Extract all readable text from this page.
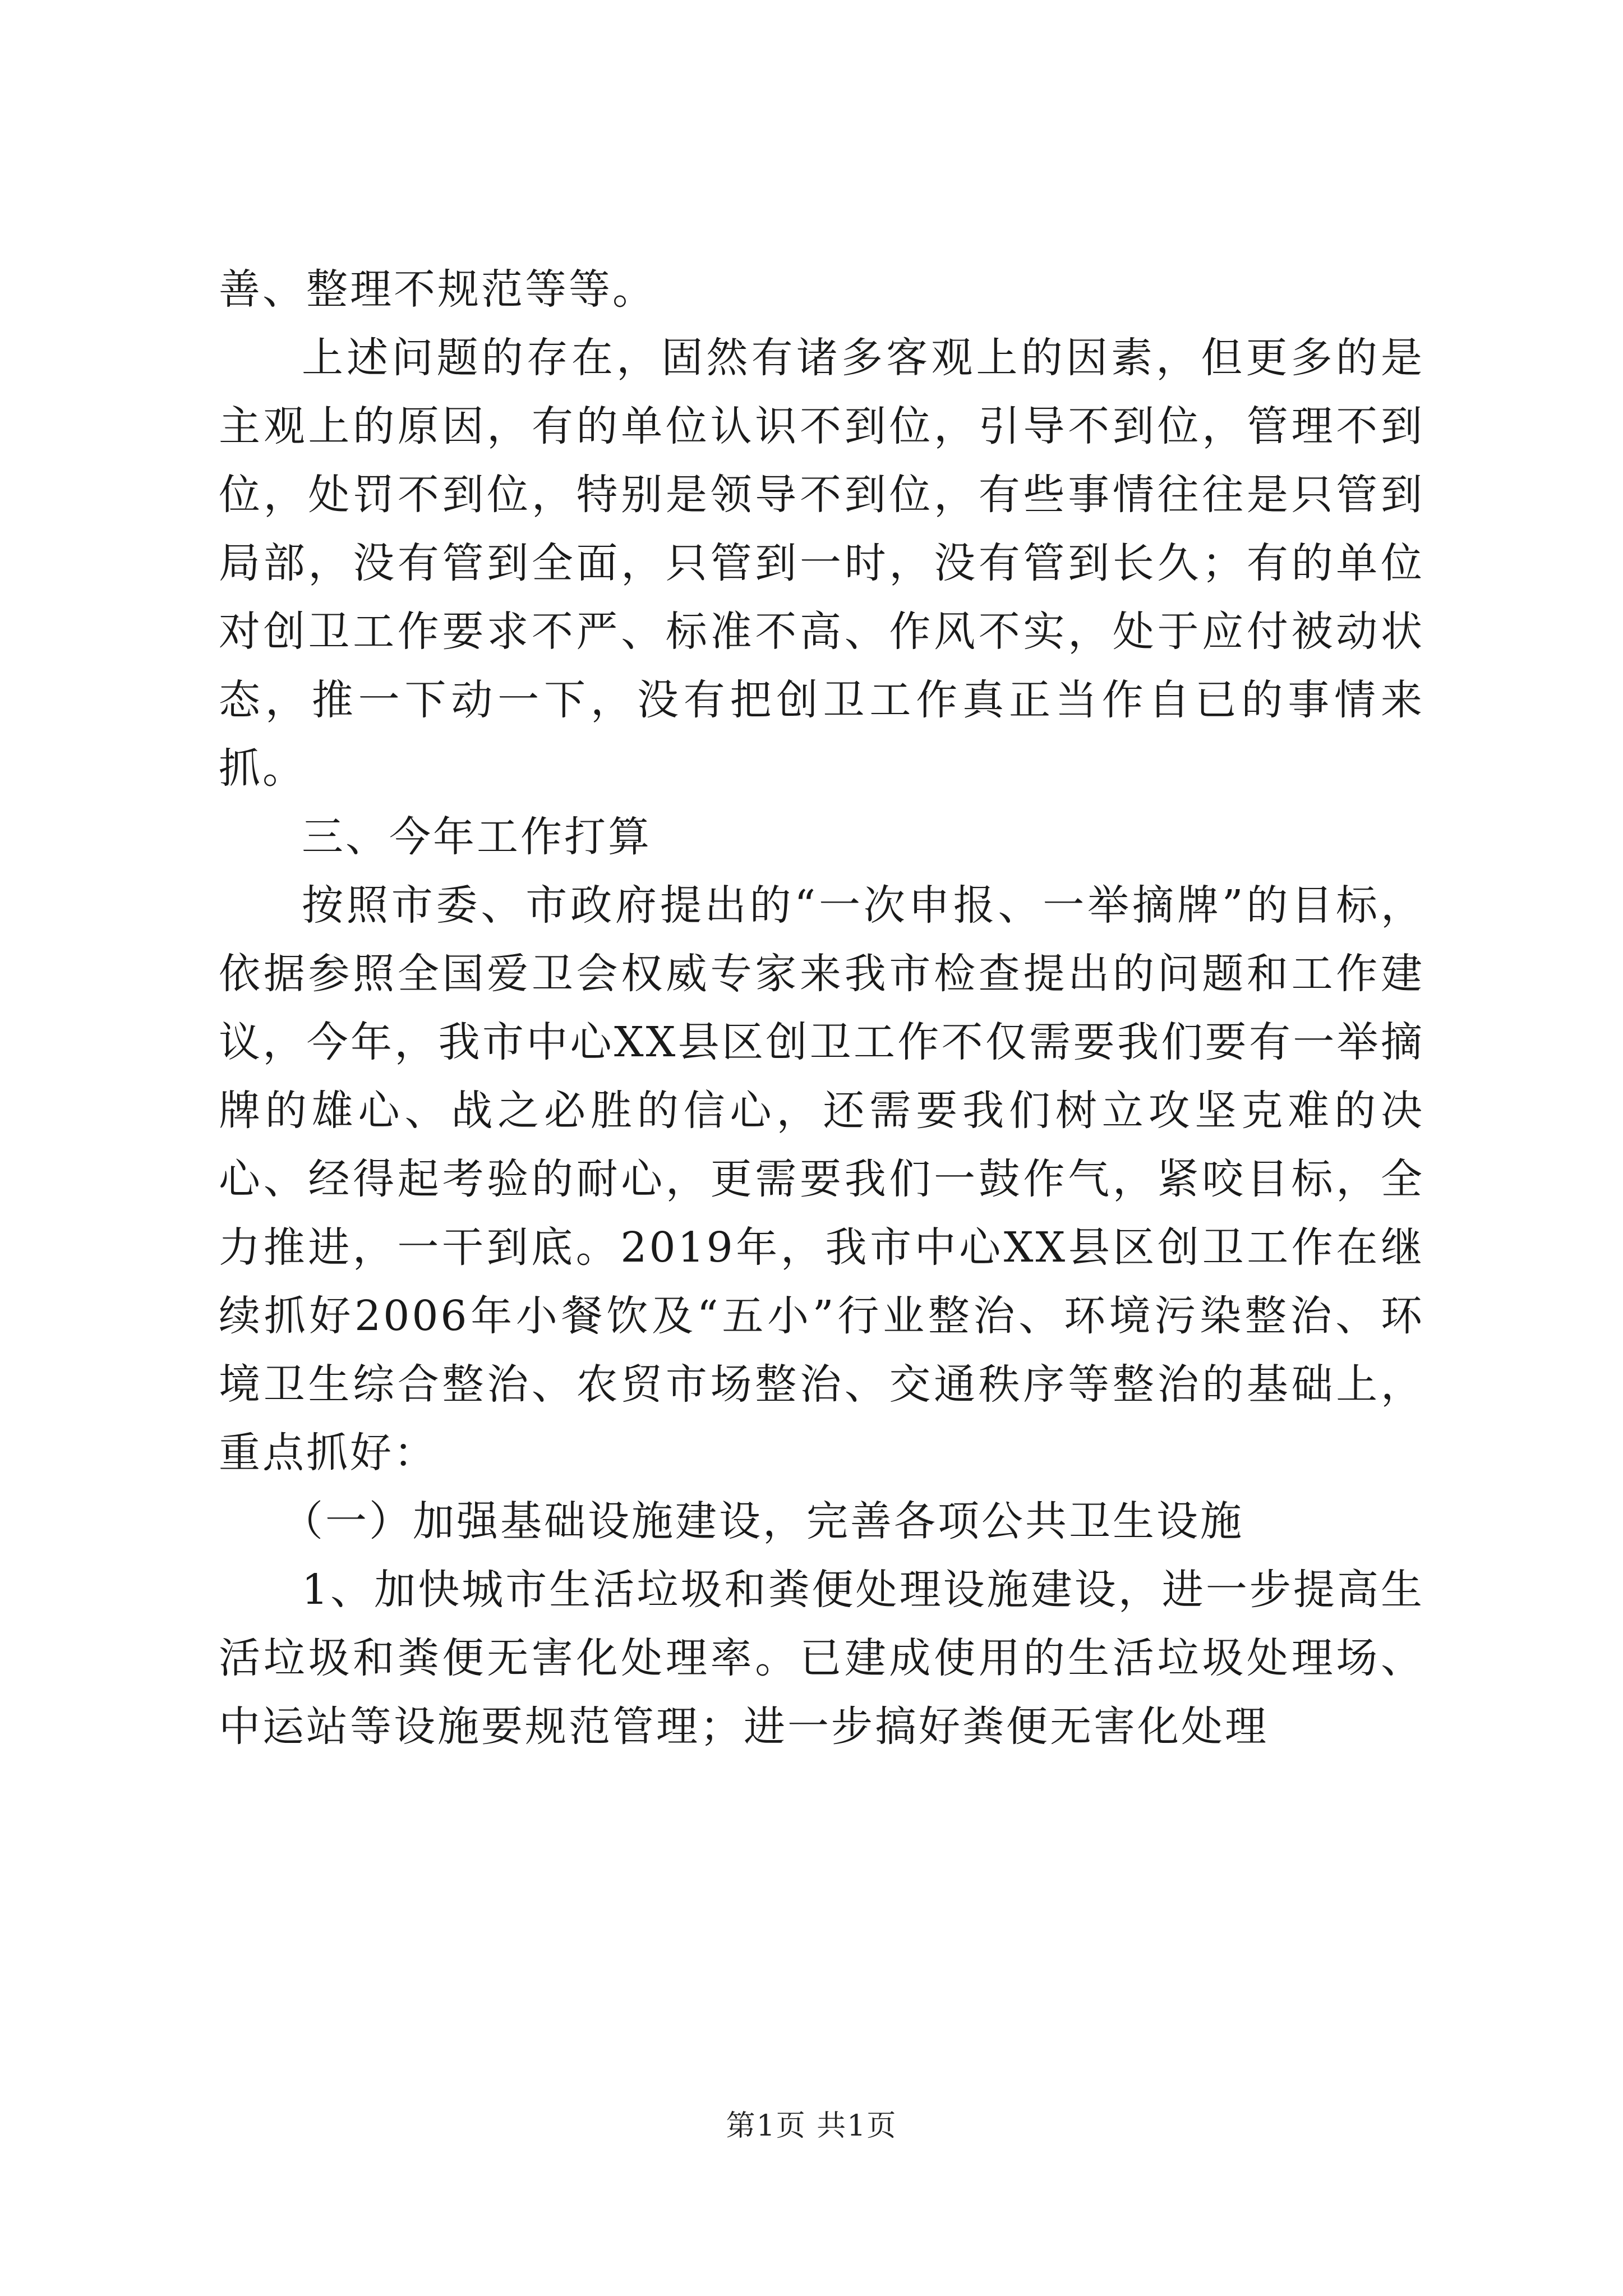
善、整理不规范等等。

上述问题的存在，固然有诸多客观上的因素，但更多的是主观上的原因，有的单位认识不到位，引导不到位，管理不到位，处罚不到位，特别是领导不到位，有些事情往往是只管到局部，没有管到全面，只管到一时，没有管到长久；有的单位对创卫工作要求不严、标准不高、作风不实，处于应付被动状态，推一下动一下，没有把创卫工作真正当作自已的事情来抓。

三、今年工作打算

按照市委、市政府提出的“一次申报、一举摘牌”的目标，依据参照全国爱卫会权威专家来我市检查提出的问题和工作建议，今年，我市中心XX县区创卫工作不仅需要我们要有一举摘牌的雄心、战之必胜的信心，还需要我们树立攻坚克难的决心、经得起考验的耐心，更需要我们一鼓作气，紧咬目标，全力推进，一干到底。2019年，我市中心XX县区创卫工作在继续抓好2006年小餐饮及“五小”行业整治、环境污染整治、环境卫生综合整治、农贸市场整治、交通秩序等整治的基础上，重点抓好：

（一）加强基础设施建设，完善各项公共卫生设施

1、加快城市生活垃圾和粪便处理设施建设，进一步提高生活垃圾和粪便无害化处理率。已建成使用的生活垃圾处理场、中运站等设施要规范管理；进一步搞好粪便无害化处理

第1页 共1页
